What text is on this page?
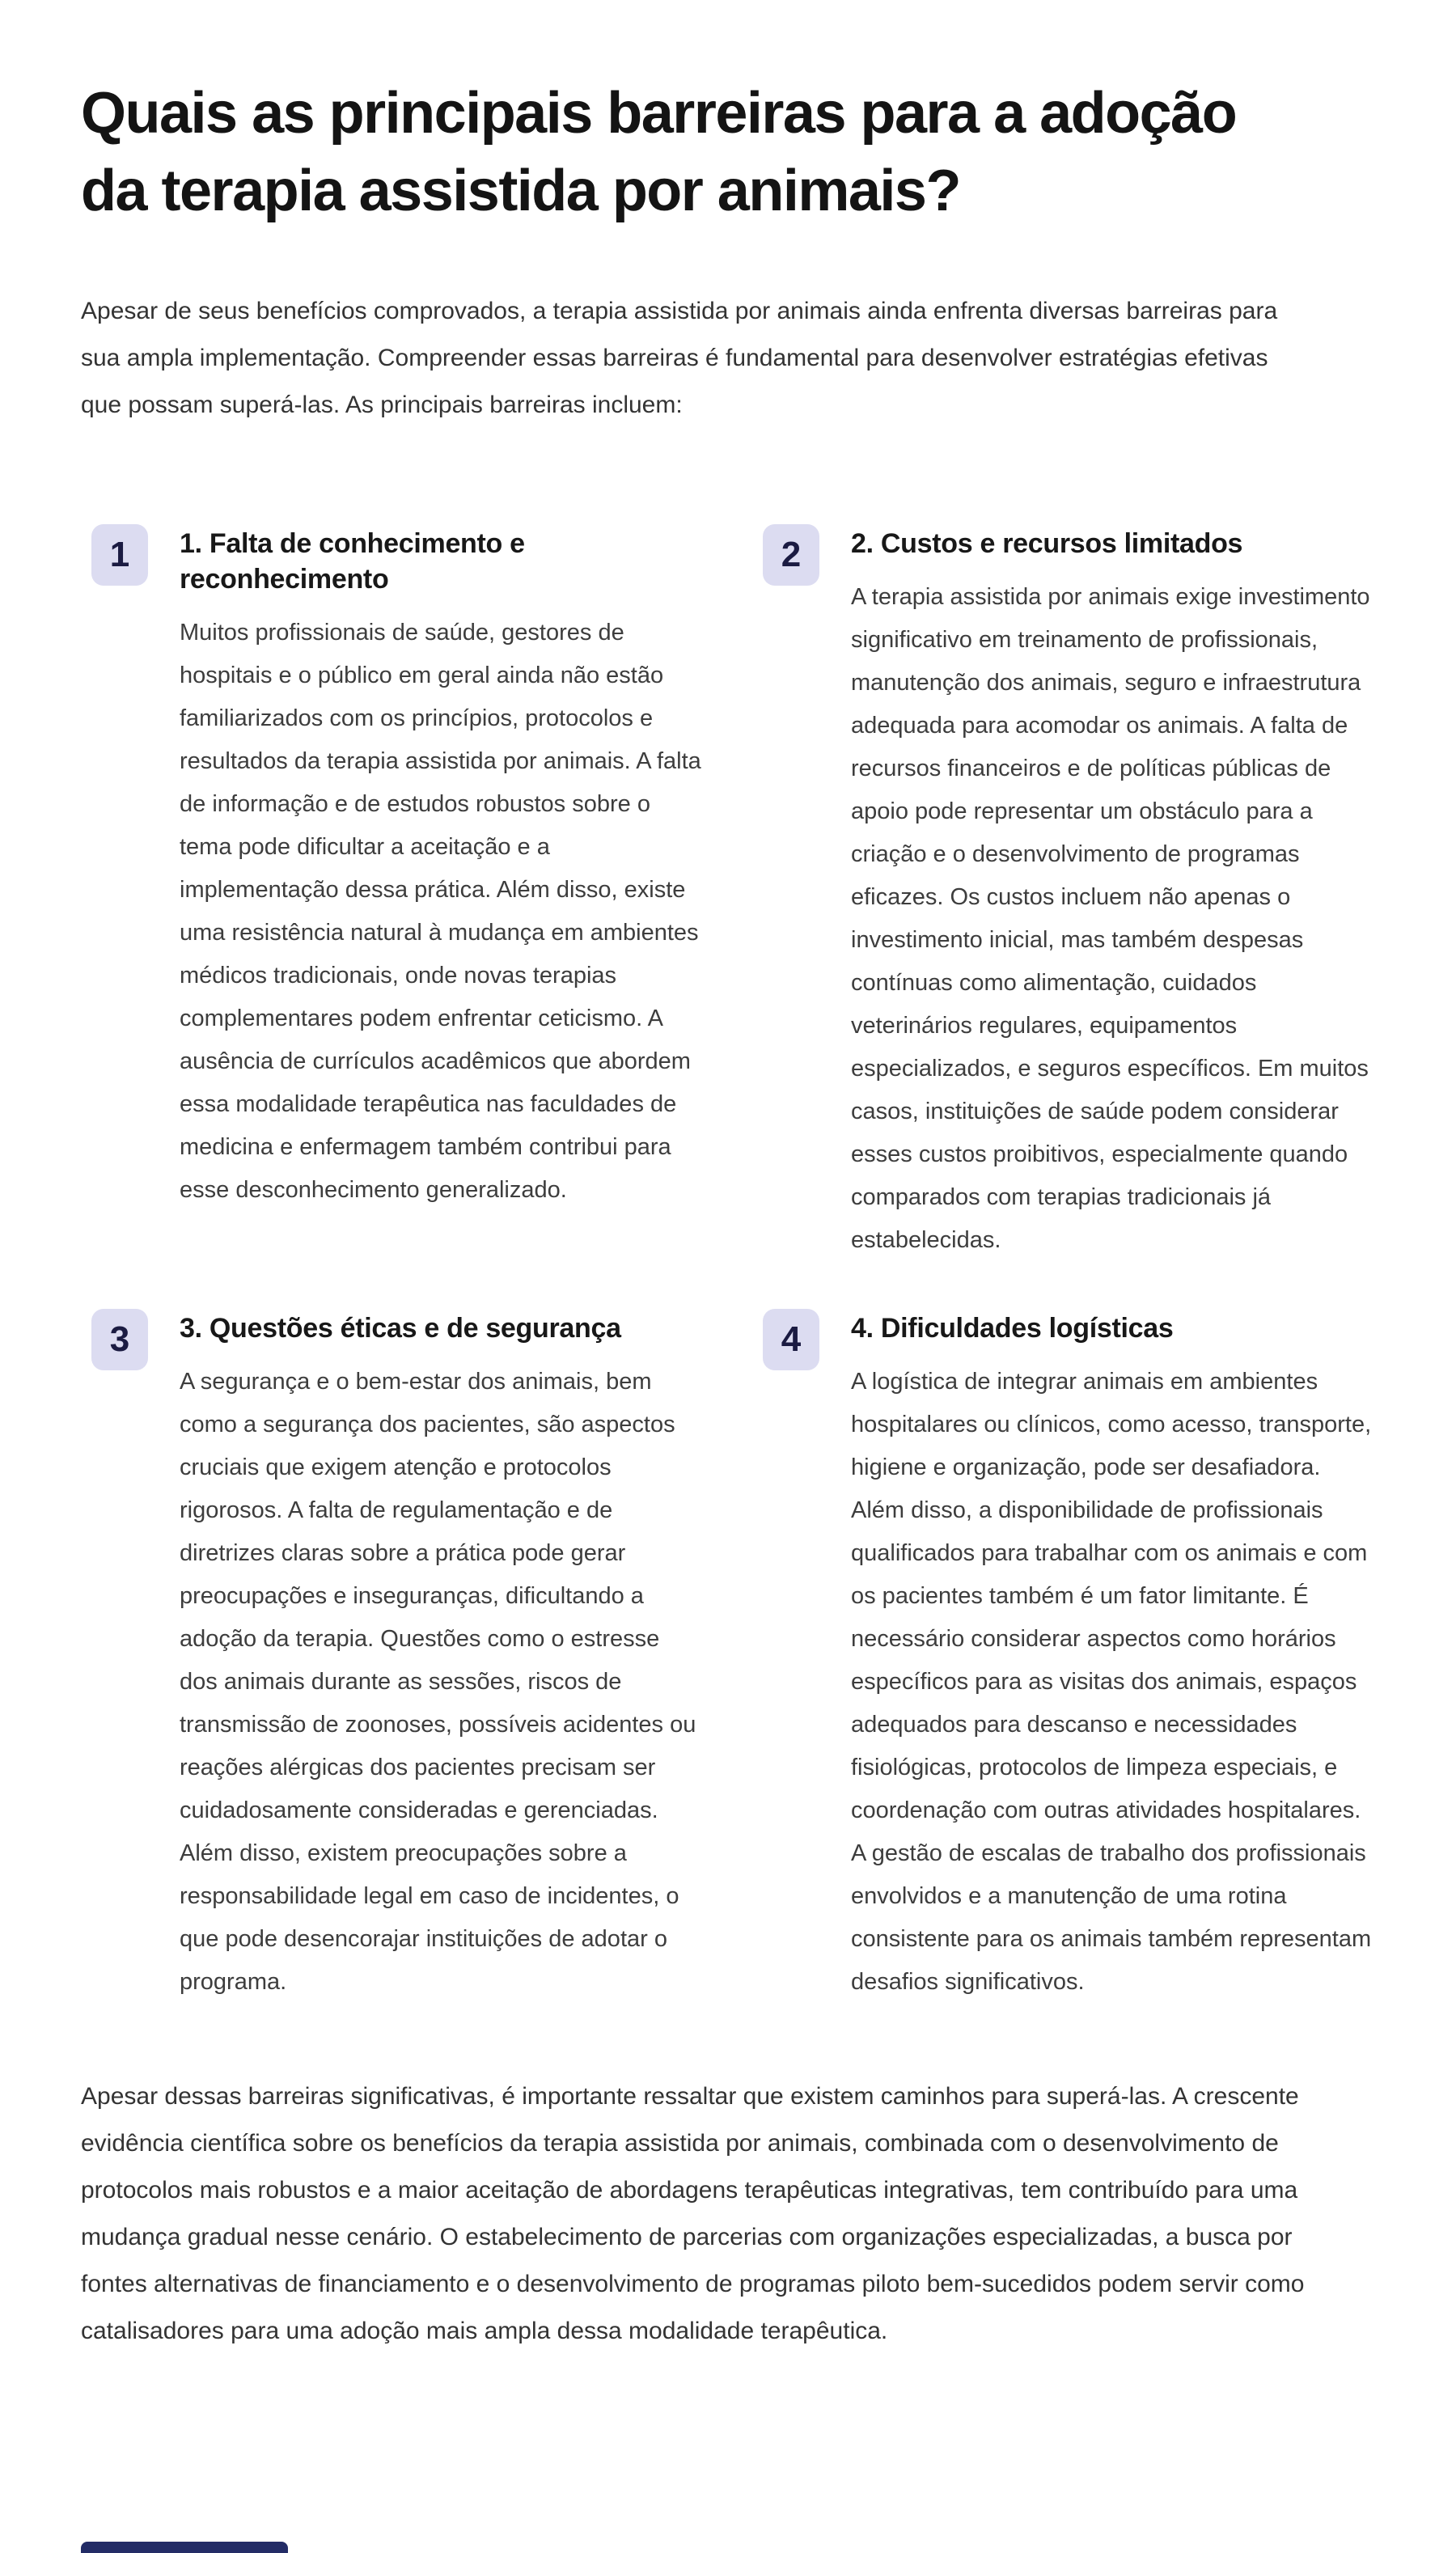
Quais as principais barreiras para a adoção da terapia assistida por animais?

Apesar de seus benefícios comprovados, a terapia assistida por animais ainda enfrenta diversas barreiras para sua ampla implementação. Compreender essas barreiras é fundamental para desenvolver estratégias efetivas que possam superá-las. As principais barreiras incluem:

1 1. Falta de conhecimento e reconhecimento

Muitos profissionais de saúde, gestores de hospitais e o público em geral ainda não estão familiarizados com os princípios, protocolos e resultados da terapia assistida por animais. A falta de informação e de estudos robustos sobre o tema pode dificultar a aceitação e a implementação dessa prática. Além disso, existe uma resistência natural à mudança em ambientes médicos tradicionais, onde novas terapias complementares podem enfrentar ceticismo. A ausência de currículos acadêmicos que abordem essa modalidade terapêutica nas faculdades de medicina e enfermagem também contribui para esse desconhecimento generalizado.

2 2. Custos e recursos limitados

A terapia assistida por animais exige investimento significativo em treinamento de profissionais, manutenção dos animais, seguro e infraestrutura adequada para acomodar os animais. A falta de recursos financeiros e de políticas públicas de apoio pode representar um obstáculo para a criação e o desenvolvimento de programas eficazes. Os custos incluem não apenas o investimento inicial, mas também despesas contínuas como alimentação, cuidados veterinários regulares, equipamentos especializados, e seguros específicos. Em muitos casos, instituições de saúde podem considerar esses custos proibitivos, especialmente quando comparados com terapias tradicionais já estabelecidas.

3 3. Questões éticas e de segurança

A segurança e o bem-estar dos animais, bem como a segurança dos pacientes, são aspectos cruciais que exigem atenção e protocolos rigorosos. A falta de regulamentação e de diretrizes claras sobre a prática pode gerar preocupações e inseguranças, dificultando a adoção da terapia. Questões como o estresse dos animais durante as sessões, riscos de transmissão de zoonoses, possíveis acidentes ou reações alérgicas dos pacientes precisam ser cuidadosamente consideradas e gerenciadas. Além disso, existem preocupações sobre a responsabilidade legal em caso de incidentes, o que pode desencorajar instituições de adotar o programa.

4 4. Dificuldades logísticas

A logística de integrar animais em ambientes hospitalares ou clínicos, como acesso, transporte, higiene e organização, pode ser desafiadora. Além disso, a disponibilidade de profissionais qualificados para trabalhar com os animais e com os pacientes também é um fator limitante. É necessário considerar aspectos como horários específicos para as visitas dos animais, espaços adequados para descanso e necessidades fisiológicas, protocolos de limpeza especiais, e coordenação com outras atividades hospitalares. A gestão de escalas de trabalho dos profissionais envolvidos e a manutenção de uma rotina consistente para os animais também representam desafios significativos.

Apesar dessas barreiras significativas, é importante ressaltar que existem caminhos para superá-las. A crescente evidência científica sobre os benefícios da terapia assistida por animais, combinada com o desenvolvimento de protocolos mais robustos e a maior aceitação de abordagens terapêuticas integrativas, tem contribuído para uma mudança gradual nesse cenário. O estabelecimento de parcerias com organizações especializadas, a busca por fontes alternativas de financiamento e o desenvolvimento de programas piloto bem-sucedidos podem servir como catalisadores para uma adoção mais ampla dessa modalidade terapêutica.
